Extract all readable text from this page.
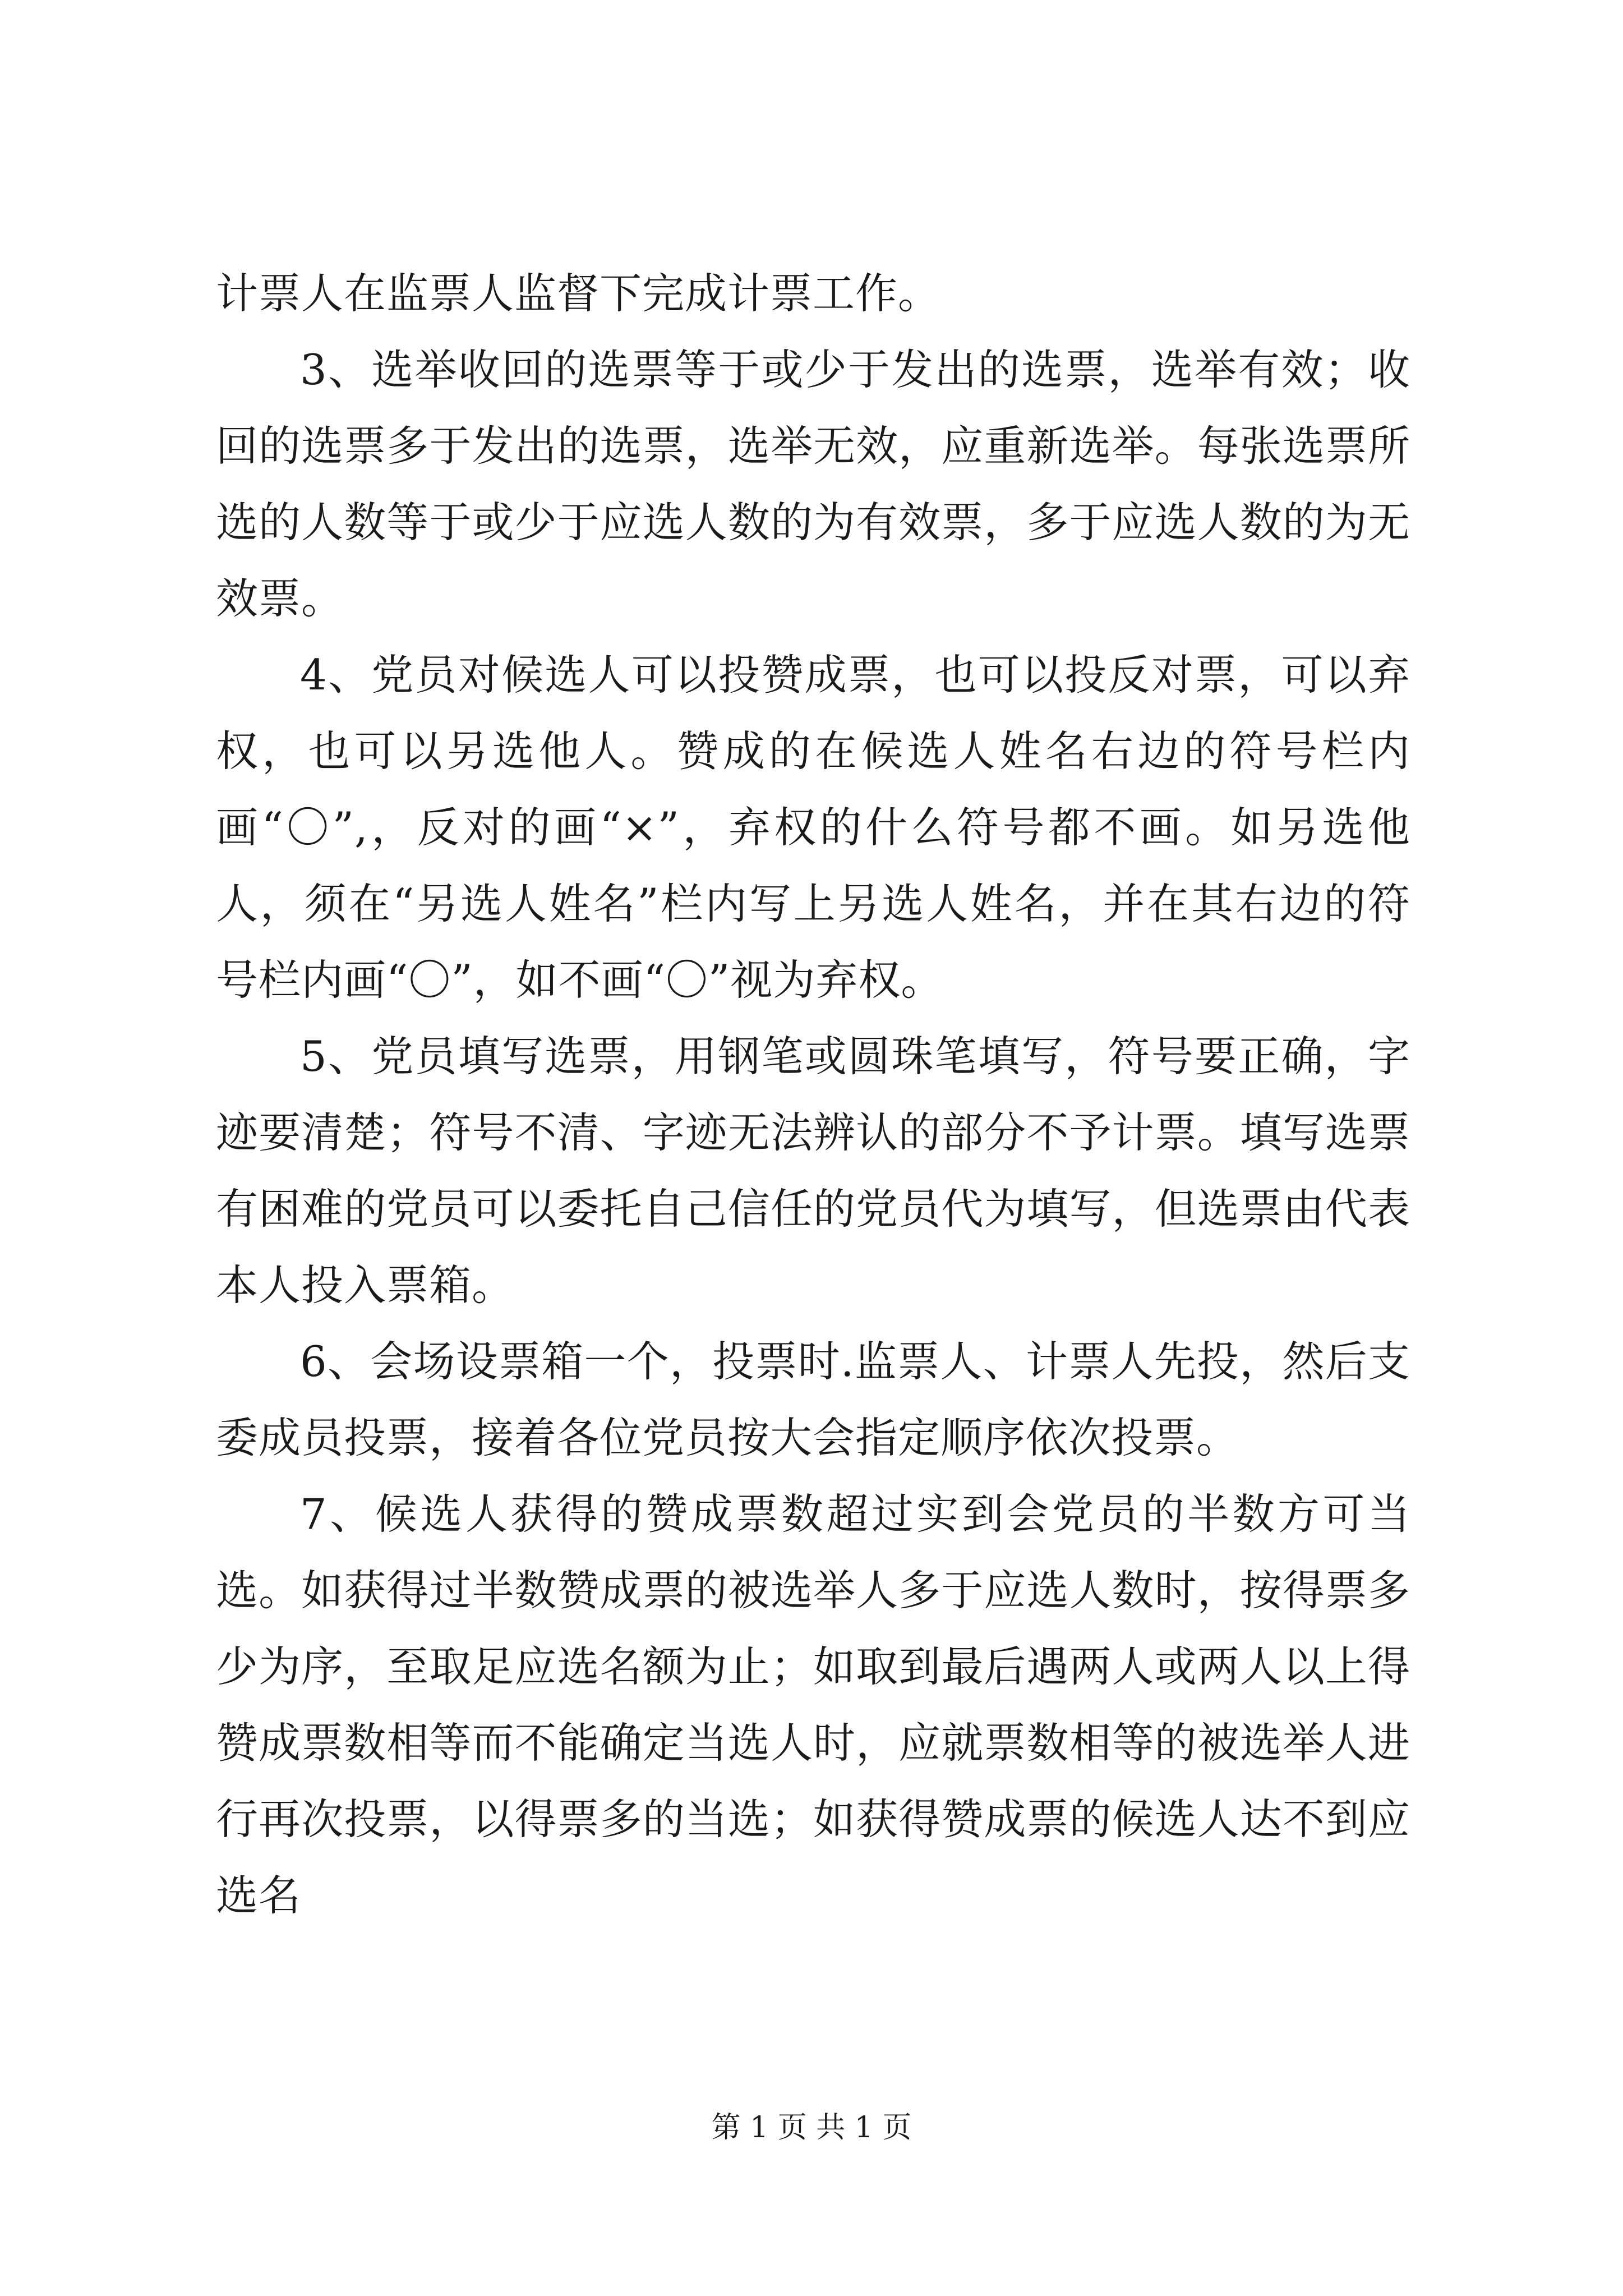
计票人在监票人监督下完成计票工作。

3、选举收回的选票等于或少于发出的选票，选举有效；收回的选票多于发出的选票，选举无效，应重新选举。每张选票所选的人数等于或少于应选人数的为有效票，多于应选人数的为无效票。

4、党员对候选人可以投赞成票，也可以投反对票，可以弃权，也可以另选他人。赞成的在候选人姓名右边的符号栏内画“〇”,，反对的画“×”，弃权的什么符号都不画。如另选他人，须在“另选人姓名”栏内写上另选人姓名，并在其右边的符号栏内画“〇”，如不画“〇”视为弃权。

5、党员填写选票，用钢笔或圆珠笔填写，符号要正确，字迹要清楚；符号不清、字迹无法辨认的部分不予计票。填写选票有困难的党员可以委托自己信任的党员代为填写，但选票由代表本人投入票箱。

6、会场设票箱一个，投票时.监票人、计票人先投，然后支委成员投票，接着各位党员按大会指定顺序依次投票。

7、候选人获得的赞成票数超过实到会党员的半数方可当选。如获得过半数赞成票的被选举人多于应选人数时，按得票多少为序，至取足应选名额为止；如取到最后遇两人或两人以上得赞成票数相等而不能确定当选人时，应就票数相等的被选举人进行再次投票，以得票多的当选；如获得赞成票的候选人达不到应选名

第 1 页 共 1 页
